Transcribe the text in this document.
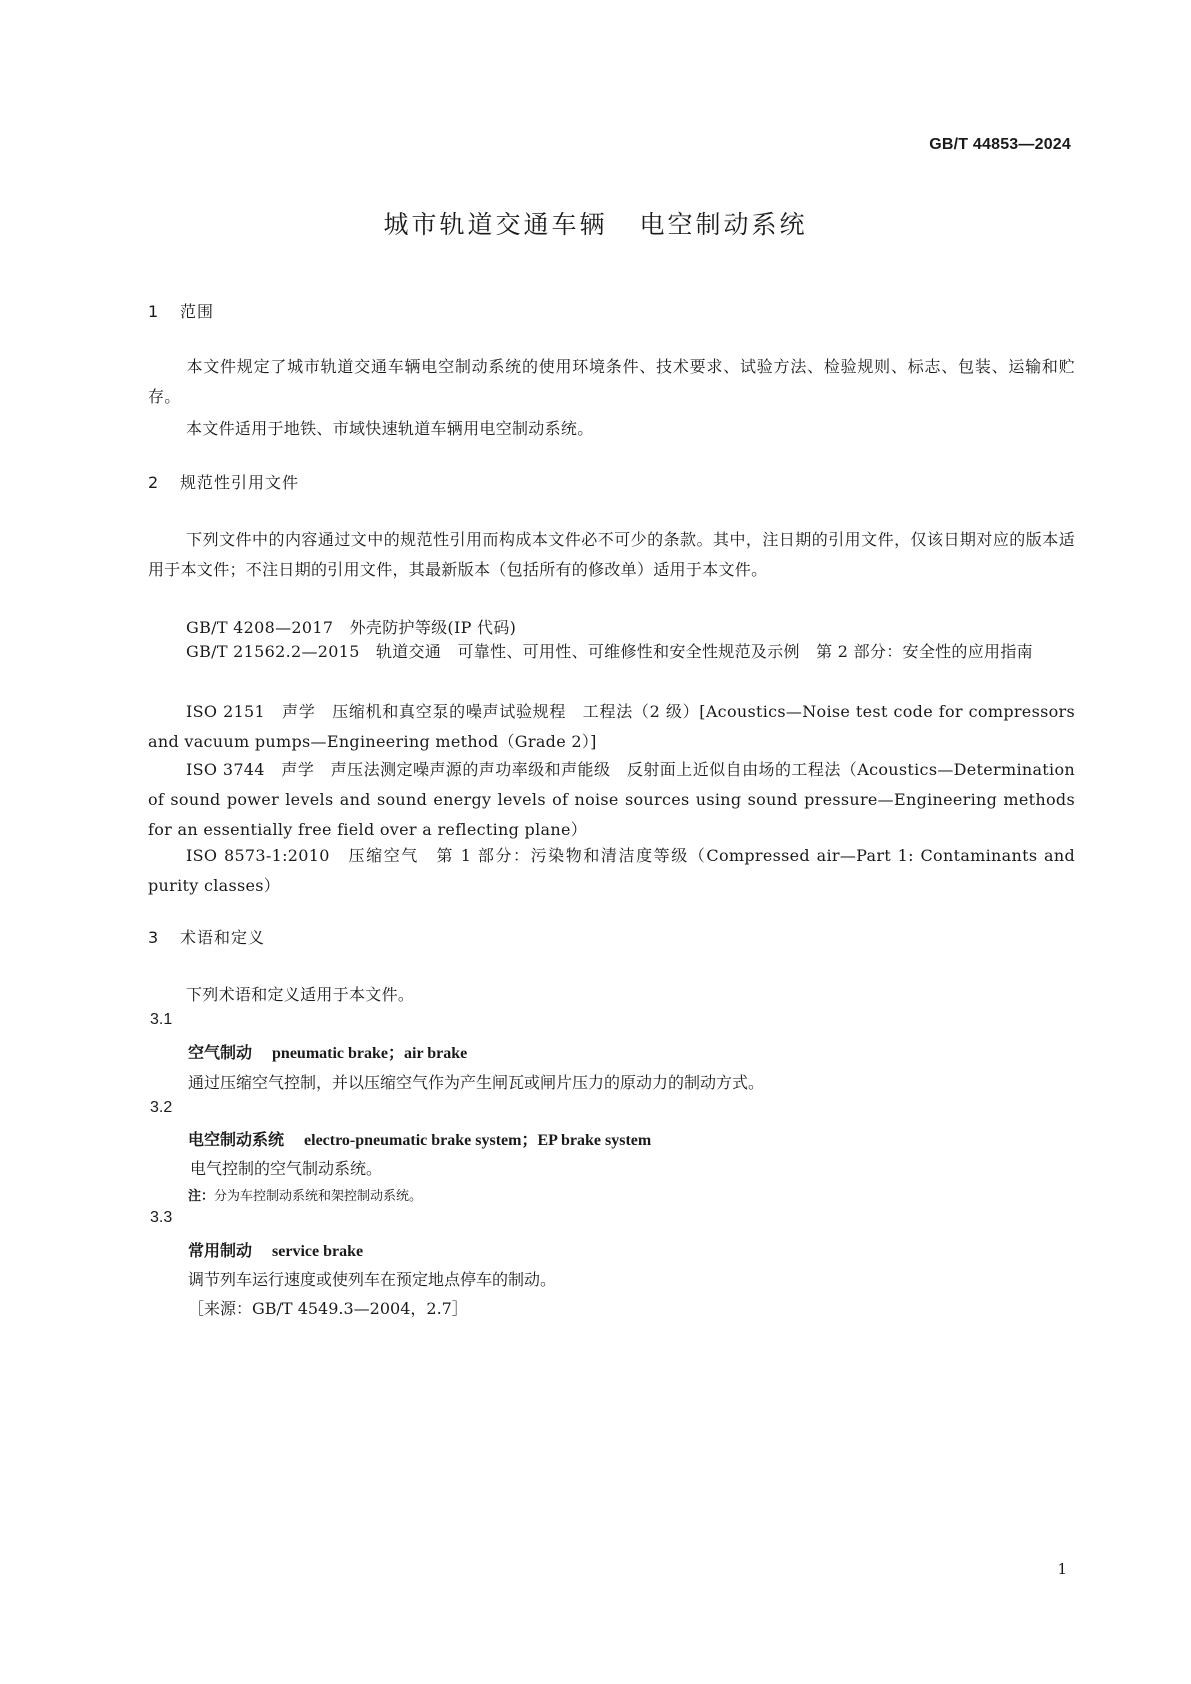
GB/T 44853—2024
城市轨道交通车辆 电空制动系统
1 范围
本文件规定了城市轨道交通车辆电空制动系统的使用环境条件、技术要求、试验方法、检验规则、标志、包装、运输和贮存。
本文件适用于地铁、市域快速轨道车辆用电空制动系统。
2 规范性引用文件
下列文件中的内容通过文中的规范性引用而构成本文件必不可少的条款。其中，注日期的引用文件，仅该日期对应的版本适用于本文件；不注日期的引用文件，其最新版本（包括所有的修改单）适用于本文件。
GB/T 4208—2017　外壳防护等级(IP 代码)
GB/T 21562.2—2015　轨道交通　可靠性、可用性、可维修性和安全性规范及示例　第 2 部分：安全性的应用指南
ISO 2151　声学　压缩机和真空泵的噪声试验规程　工程法（2 级）[Acoustics—Noise test code for compressors and vacuum pumps—Engineering method（Grade 2）]
ISO 3744　声学　声压法测定噪声源的声功率级和声能级　反射面上近似自由场的工程法（Acoustics—Determination of sound power levels and sound energy levels of noise sources using sound pressure—Engineering methods for an essentially free field over a reflecting plane）
ISO 8573-1:2010　压缩空气　第 1 部分：污染物和清洁度等级（Compressed air—Part 1: Contaminants and purity classes）
3 术语和定义
下列术语和定义适用于本文件。
3.1
空气制动 pneumatic brake；air brake
通过压缩空气控制，并以压缩空气作为产生闸瓦或闸片压力的原动力的制动方式。
3.2
电空制动系统 electro-pneumatic brake system；EP brake system
电气控制的空气制动系统。
注：分为车控制动系统和架控制动系统。
3.3
常用制动 service brake
调节列车运行速度或使列车在预定地点停车的制动。
［来源：GB/T 4549.3—2004，2.7］
1
